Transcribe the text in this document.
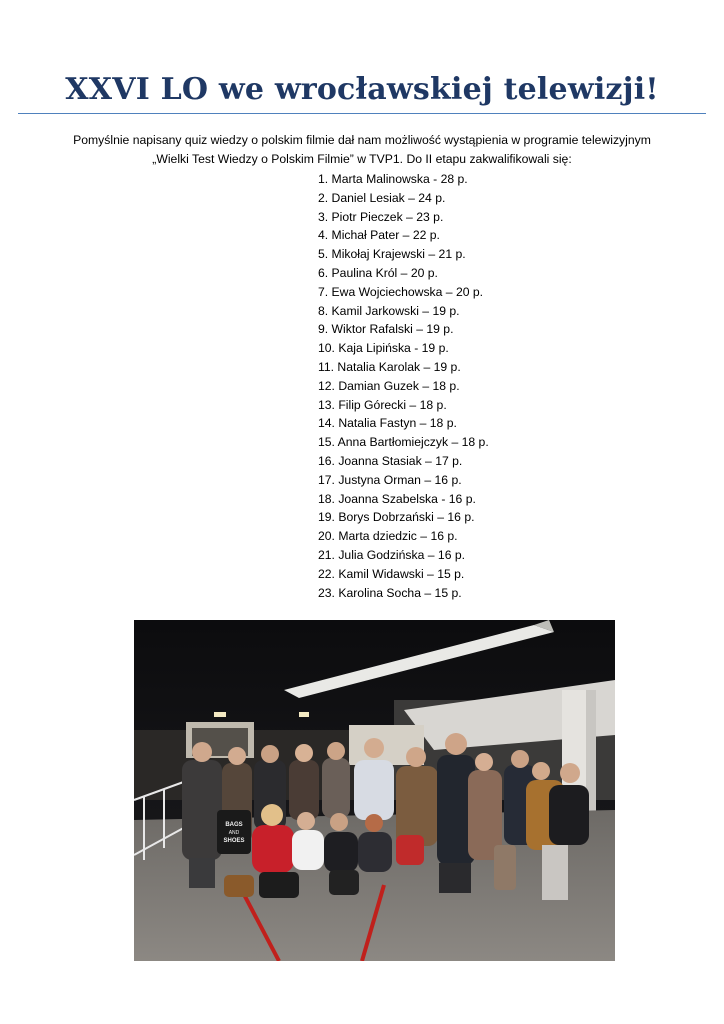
XXVI LO we wrocławskiej telewizji!

Pomyślnie napisany quiz wiedzy o polskim filmie dał nam możliwość wystąpienia w programie telewizyjnym
„Wielki Test Wiedzy o Polskim Filmie” w TVP1. Do II etapu zakwalifikowali się:

1. Marta Malinowska - 28 p.
2. Daniel Lesiak – 24 p.
3. Piotr Pieczek – 23 p.
4. Michał Pater – 22 p.
5. Mikołaj Krajewski – 21 p.
6. Paulina Król – 20 p.
7. Ewa Wojciechowska – 20 p.
8. Kamil Jarkowski – 19 p.
9. Wiktor Rafalski – 19 p.
10. Kaja Lipińska - 19 p.
11. Natalia Karolak – 19 p.
12. Damian Guzek – 18 p.
13. Filip Górecki – 18 p.
14. Natalia Fastyn – 18 p.
15. Anna Bartłomiejczyk – 18 p.
16. Joanna Stasiak – 17 p.
17. Justyna Orman – 16 p.
18. Joanna Szabelska - 16 p.
19. Borys Dobrzański – 16 p.
20. Marta dziedzic – 16 p.
21. Julia Godzińska – 16 p.
22. Kamil Widawski – 15 p.
23. Karolina Socha – 15 p.
BAGS
AND
SHOES
